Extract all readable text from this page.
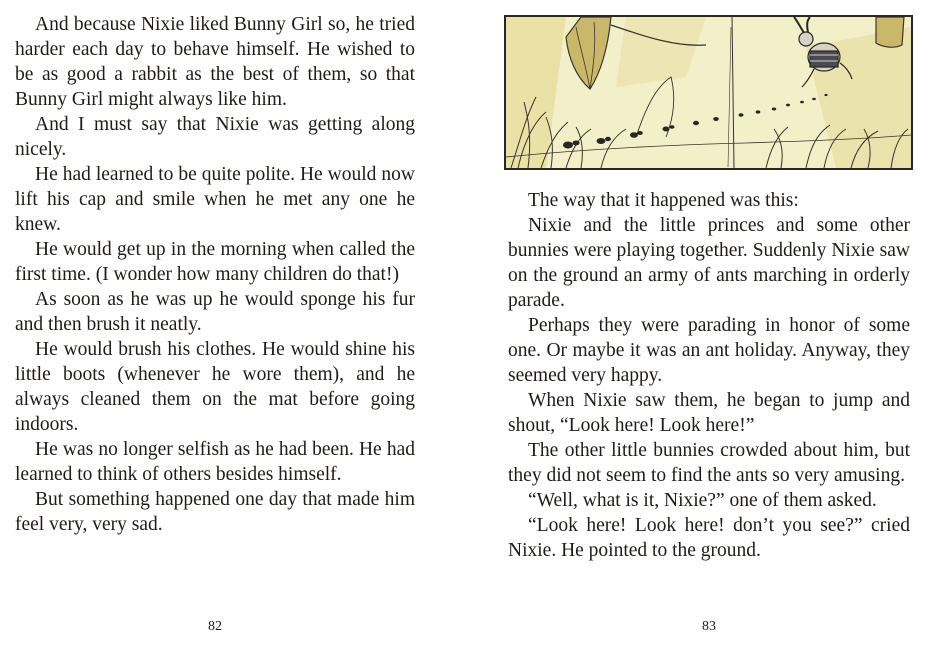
And because Nixie liked Bunny Girl so, he tried harder each day to behave himself. He wished to be as good a rabbit as the best of them, so that Bunny Girl might always like him.

And I must say that Nixie was getting along nicely.

He had learned to be quite polite. He would now lift his cap and smile when he met any one he knew.

He would get up in the morning when called the first time. (I wonder how many children do that!)

As soon as he was up he would sponge his fur and then brush it neatly.

He would brush his clothes. He would shine his little boots (whenever he wore them), and he always cleaned them on the mat before going indoors.

He was no longer selfish as he had been. He had learned to think of others besides himself.

But something happened one day that made him feel very, very sad.

82

The way that it happened was this:

Nixie and the little princes and some other bunnies were playing together. Suddenly Nixie saw on the ground an army of ants marching in orderly parade.

Perhaps they were parading in honor of some one. Or maybe it was an ant holiday. Anyway, they seemed very happy.

When Nixie saw them, he began to jump and shout, “Look here! Look here!”

The other little bunnies crowded about him, but they did not seem to find the ants so very amusing.

“Well, what is it, Nixie?” one of them asked.

“Look here! Look here! don’t you see?” cried Nixie. He pointed to the ground.

83
